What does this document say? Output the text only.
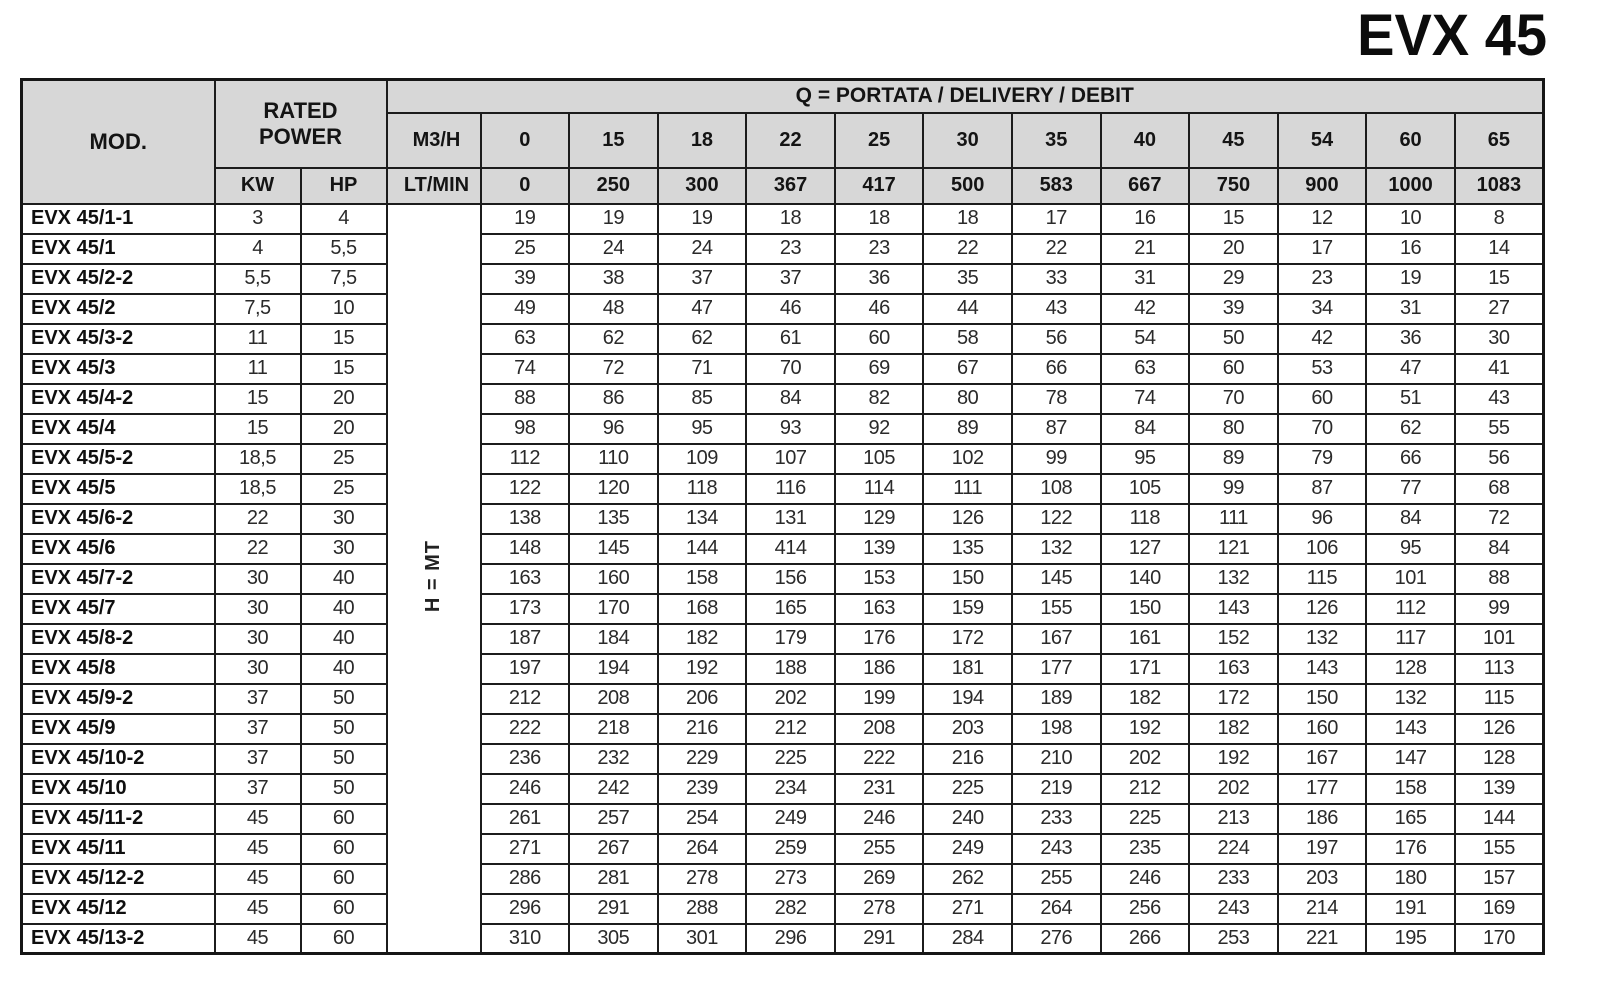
EVX 45
MOD.	RATED POWER		Q = PORTATA / DELIVERY / DEBIT												
			M3/H	0	15	18	22	25	30	35	40	45	54	60	65
	KW	HP	LT/MIN	0	250	300	367	417	500	583	667	750	900	1000	1083
EVX 45/1-1	3	4	H = MT	19	19	19	18	18	18	17	16	15	12	10	8
EVX 45/1	4	5,5		25	24	24	23	23	22	22	21	20	17	16	14
EVX 45/2-2	5,5	7,5		39	38	37	37	36	35	33	31	29	23	19	15
EVX 45/2	7,5	10		49	48	47	46	46	44	43	42	39	34	31	27
EVX 45/3-2	11	15		63	62	62	61	60	58	56	54	50	42	36	30
EVX 45/3	11	15		74	72	71	70	69	67	66	63	60	53	47	41
EVX 45/4-2	15	20		88	86	85	84	82	80	78	74	70	60	51	43
EVX 45/4	15	20		98	96	95	93	92	89	87	84	80	70	62	55
EVX 45/5-2	18,5	25		112	110	109	107	105	102	99	95	89	79	66	56
EVX 45/5	18,5	25		122	120	118	116	114	111	108	105	99	87	77	68
EVX 45/6-2	22	30		138	135	134	131	129	126	122	118	111	96	84	72
EVX 45/6	22	30		148	145	144	414	139	135	132	127	121	106	95	84
EVX 45/7-2	30	40		163	160	158	156	153	150	145	140	132	115	101	88
EVX 45/7	30	40		173	170	168	165	163	159	155	150	143	126	112	99
EVX 45/8-2	30	40		187	184	182	179	176	172	167	161	152	132	117	101
EVX 45/8	30	40		197	194	192	188	186	181	177	171	163	143	128	113
EVX 45/9-2	37	50		212	208	206	202	199	194	189	182	172	150	132	115
EVX 45/9	37	50		222	218	216	212	208	203	198	192	182	160	143	126
EVX 45/10-2	37	50		236	232	229	225	222	216	210	202	192	167	147	128
EVX 45/10	37	50		246	242	239	234	231	225	219	212	202	177	158	139
EVX 45/11-2	45	60		261	257	254	249	246	240	233	225	213	186	165	144
EVX 45/11	45	60		271	267	264	259	255	249	243	235	224	197	176	155
EVX 45/12-2	45	60		286	281	278	273	269	262	255	246	233	203	180	157
EVX 45/12	45	60		296	291	288	282	278	271	264	256	243	214	191	169
EVX 45/13-2	45	60		310	305	301	296	291	284	276	266	253	221	195	170
